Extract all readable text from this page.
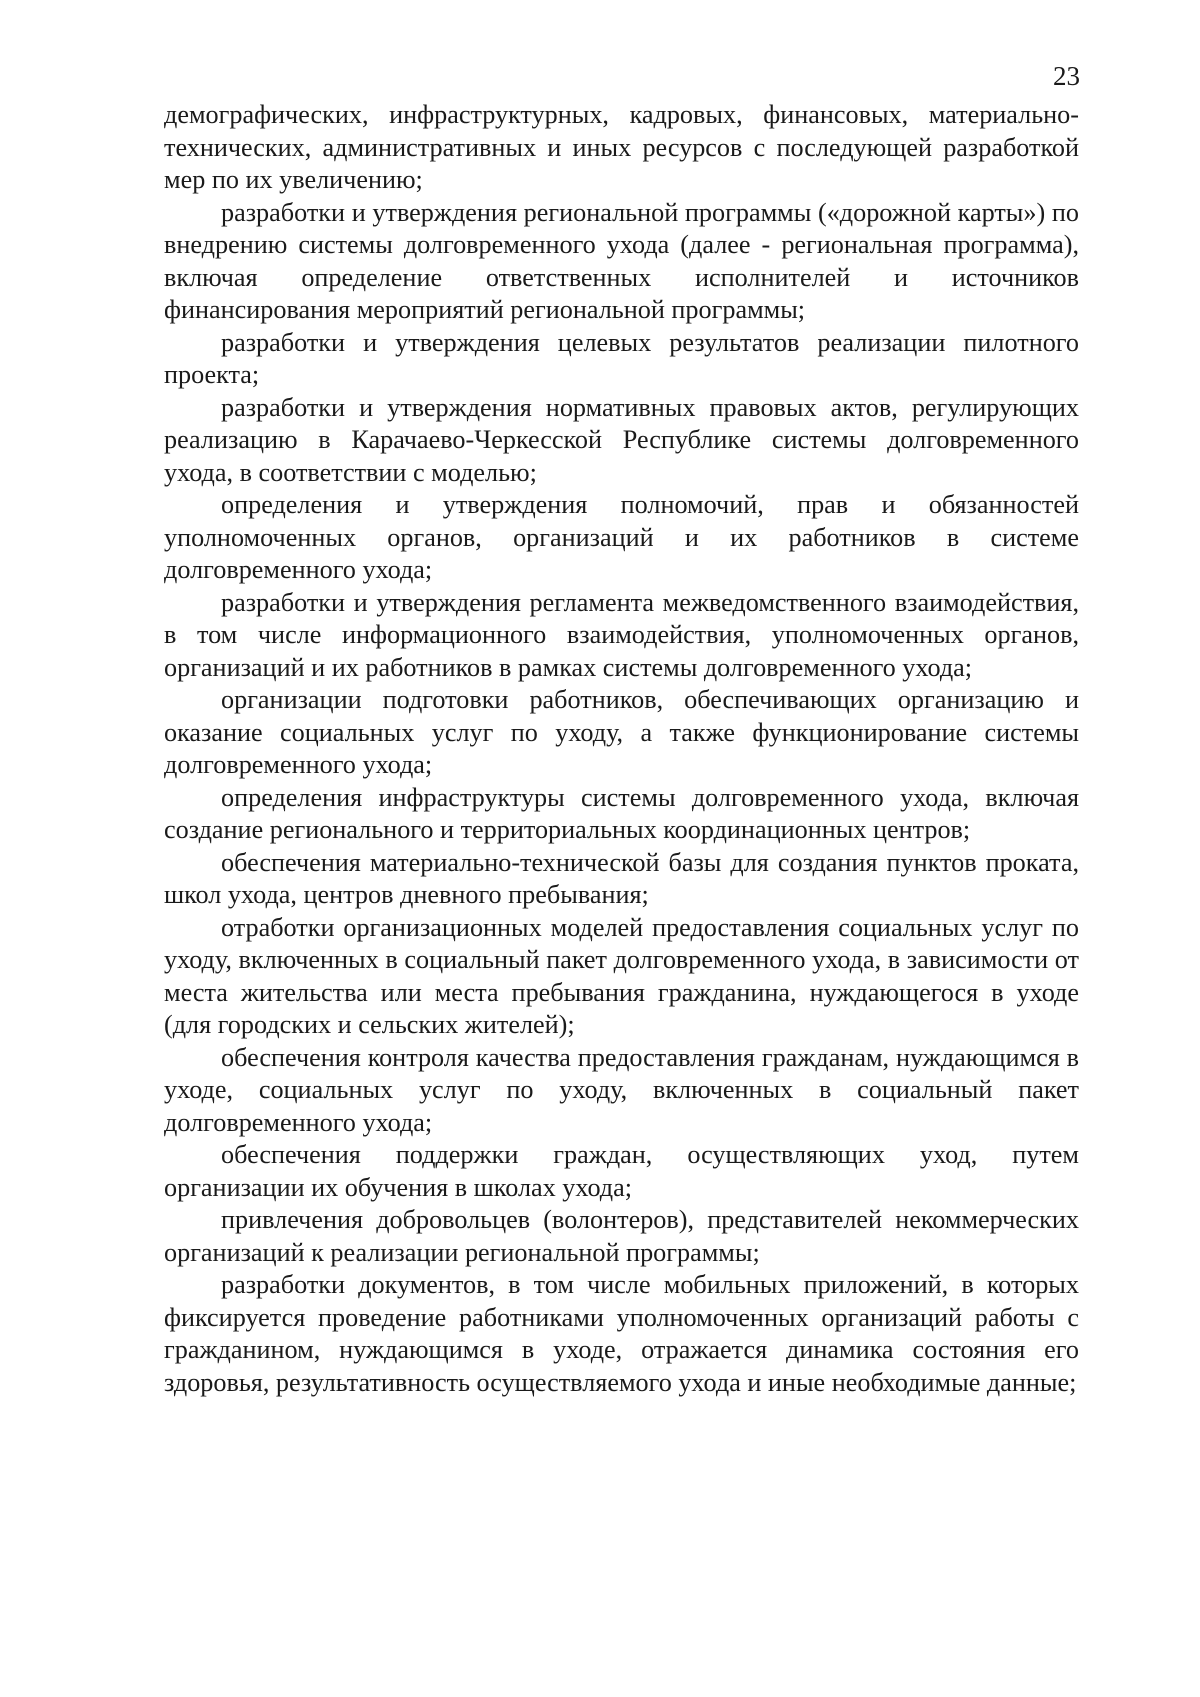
23

демографических, инфраструктурных, кадровых, финансовых, материально-технических, административных и иных ресурсов с последующей разработкой мер по их увеличению;

разработки и утверждения региональной программы («дорожной карты») по внедрению системы долговременного ухода (далее - региональная программа), включая определение ответственных исполнителей и источников финансирования мероприятий региональной программы;

разработки и утверждения целевых результатов реализации пилотного проекта;

разработки и утверждения нормативных правовых актов, регулирующих реализацию в Карачаево-Черкесской Республике системы долговременного ухода, в соответствии с моделью;

определения и утверждения полномочий, прав и обязанностей уполномоченных органов, организаций и их работников в системе долговременного ухода;

разработки и утверждения регламента межведомственного взаимодействия, в том числе информационного взаимодействия, уполномоченных органов, организаций и их работников в рамках системы долговременного ухода;

организации подготовки работников, обеспечивающих организацию и оказание социальных услуг по уходу, а также функционирование системы долговременного ухода;

определения инфраструктуры системы долговременного ухода, включая создание регионального и территориальных координационных центров;

обеспечения материально-технической базы для создания пунктов проката, школ ухода, центров дневного пребывания;

отработки организационных моделей предоставления социальных услуг по уходу, включенных в социальный пакет долговременного ухода, в зависимости от места жительства или места пребывания гражданина, нуждающегося в уходе (для городских и сельских жителей);

обеспечения контроля качества предоставления гражданам, нуждающимся в уходе, социальных услуг по уходу, включенных в социальный пакет долговременного ухода;

обеспечения поддержки граждан, осуществляющих уход, путем организации их обучения в школах ухода;

привлечения добровольцев (волонтеров), представителей некоммерческих организаций к реализации региональной программы;

разработки документов, в том числе мобильных приложений, в которых фиксируется проведение работниками уполномоченных организаций работы с гражданином, нуждающимся в уходе, отражается динамика состояния его здоровья, результативность осуществляемого ухода и иные необходимые данные;
